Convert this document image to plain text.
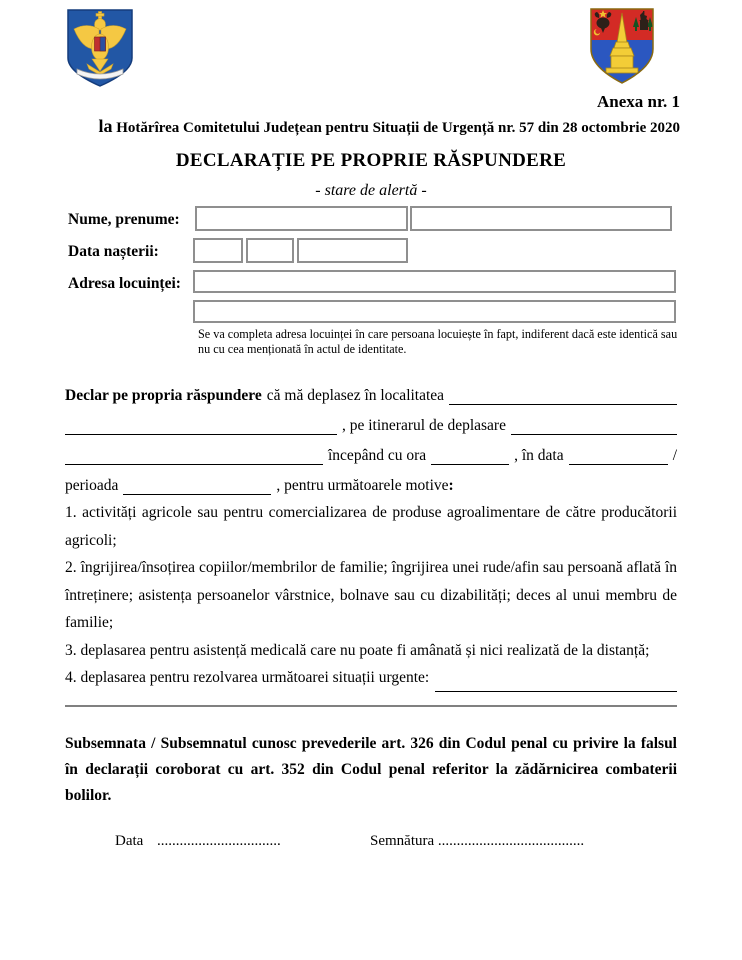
Anexa nr. 1
la Hotărîrea Comitetului Județean pentru Situații de Urgență nr. 57 din 28 octombrie 2020
DECLARAȚIE PE PROPRIE RĂSPUNDERE
- stare de alertă -
Nume, prenume:
Data nașterii:
Adresa locuinței:
Se va completa adresa locuinței în care persoana locuiește în fapt, indiferent dacă este identică sau nu cu cea menționată în actul de identitate.
Declar pe propria răspundere că mă deplasez în localitatea
, pe itinerarul de deplasare
începând cu ora	, în data	/
perioada	, pentru următoarele motive:

1. activități agricole sau pentru comercializarea de produse agroalimentare de către producătorii agricoli;

2. îngrijirea/însoțirea copiilor/membrilor de familie; îngrijirea unei rude/afin sau persoană aflată în întreținere; asistența persoanelor vârstnice, bolnave sau cu dizabilități; deces al unui membru de familie;

3. deplasarea pentru asistență medicală care nu poate fi amânată și nici realizată de la distanță;

4. deplasarea pentru rezolvarea următoarei situații urgente:
Subsemnata / Subsemnatul cunosc prevederile art. 326 din Codul penal cu privire la falsul în declarații coroborat cu art. 352 din Codul penal referitor la zădărnicirea combaterii bolilor.
Data .................................	Semnătura .......................................
